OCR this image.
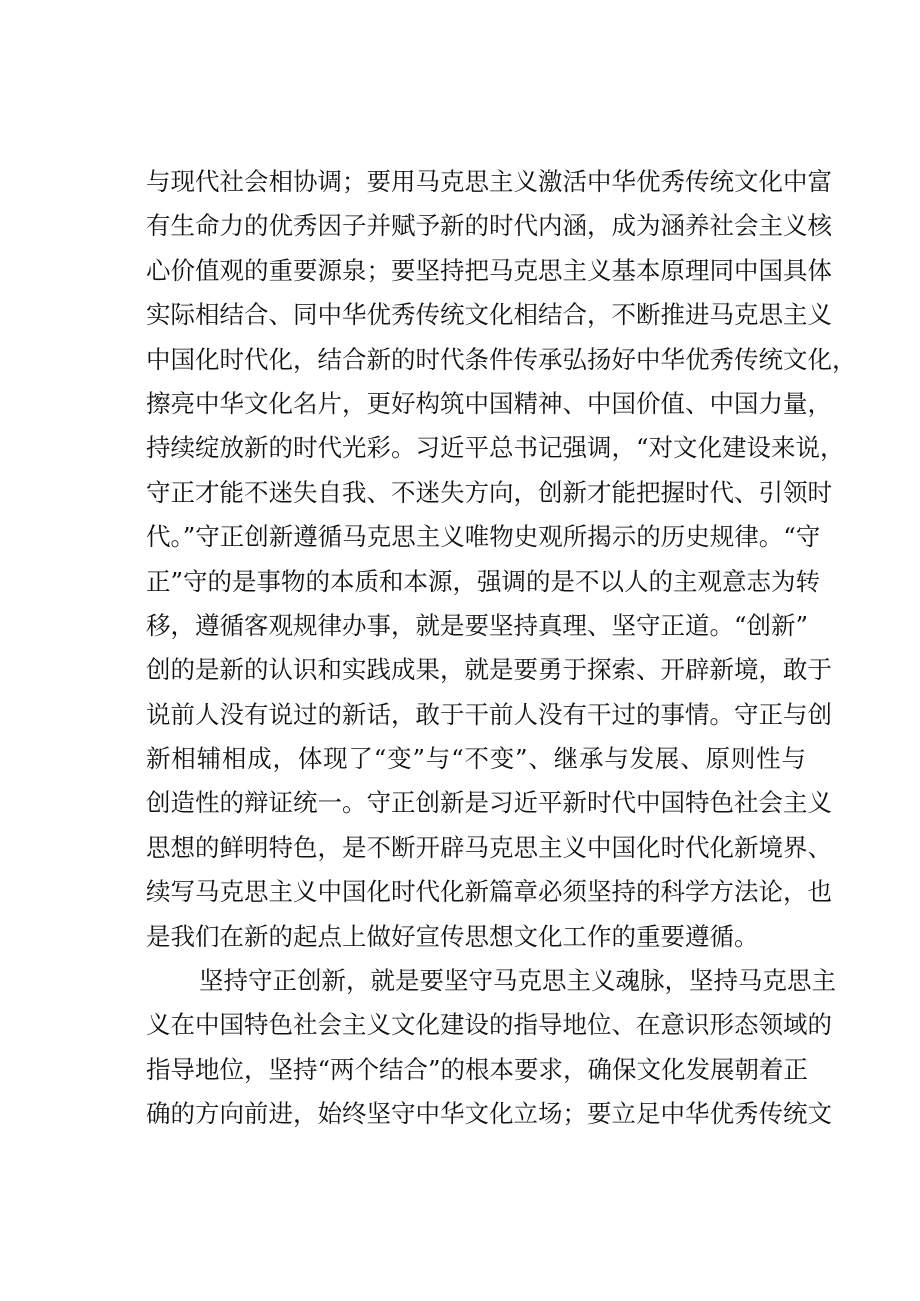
与现代社会相协调；要用马克思主义激活中华优秀传统文化中富
有生命力的优秀因子并赋予新的时代内涵，成为涵养社会主义核
心价值观的重要源泉；要坚持把马克思主义基本原理同中国具体
实际相结合、同中华优秀传统文化相结合，不断推进马克思主义
中国化时代化，结合新的时代条件传承弘扬好中华优秀传统文化，
擦亮中华文化名片，更好构筑中国精神、中国价值、中国力量，
持续绽放新的时代光彩。习近平总书记强调，“对文化建设来说，
守正才能不迷失自我、不迷失方向，创新才能把握时代、引领时
代。”守正创新遵循马克思主义唯物史观所揭示的历史规律。“守
正”守的是事物的本质和本源，强调的是不以人的主观意志为转
移，遵循客观规律办事，就是要坚持真理、坚守正道。“创新”
创的是新的认识和实践成果，就是要勇于探索、开辟新境，敢于
说前人没有说过的新话，敢于干前人没有干过的事情。守正与创
新相辅相成，体现了“变”与“不变”、继承与发展、原则性与
创造性的辩证统一。守正创新是习近平新时代中国特色社会主义
思想的鲜明特色，是不断开辟马克思主义中国化时代化新境界、
续写马克思主义中国化时代化新篇章必须坚持的科学方法论，也
是我们在新的起点上做好宣传思想文化工作的重要遵循。
坚持守正创新，就是要坚守马克思主义魂脉，坚持马克思主
义在中国特色社会主义文化建设的指导地位、在意识形态领域的
指导地位，坚持“两个结合”的根本要求，确保文化发展朝着正
确的方向前进，始终坚守中华文化立场；要立足中华优秀传统文
